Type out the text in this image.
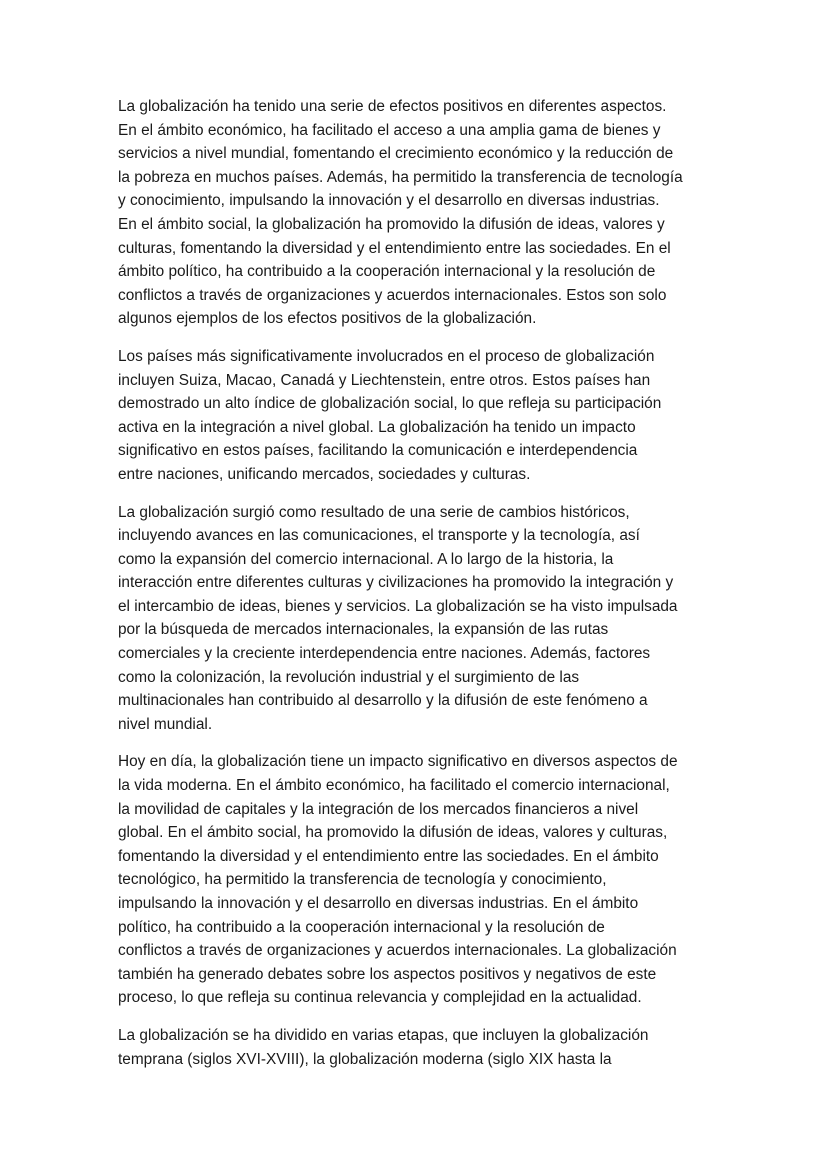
La globalización ha tenido una serie de efectos positivos en diferentes aspectos.
En el ámbito económico, ha facilitado el acceso a una amplia gama de bienes y
servicios a nivel mundial, fomentando el crecimiento económico y la reducción de
la pobreza en muchos países. Además, ha permitido la transferencia de tecnología
y conocimiento, impulsando la innovación y el desarrollo en diversas industrias.
En el ámbito social, la globalización ha promovido la difusión de ideas, valores y
culturas, fomentando la diversidad y el entendimiento entre las sociedades. En el
ámbito político, ha contribuido a la cooperación internacional y la resolución de
conflictos a través de organizaciones y acuerdos internacionales. Estos son solo
algunos ejemplos de los efectos positivos de la globalización.

Los países más significativamente involucrados en el proceso de globalización
incluyen Suiza, Macao, Canadá y Liechtenstein, entre otros. Estos países han
demostrado un alto índice de globalización social, lo que refleja su participación
activa en la integración a nivel global. La globalización ha tenido un impacto
significativo en estos países, facilitando la comunicación e interdependencia
entre naciones, unificando mercados, sociedades y culturas.

La globalización surgió como resultado de una serie de cambios históricos,
incluyendo avances en las comunicaciones, el transporte y la tecnología, así
como la expansión del comercio internacional. A lo largo de la historia, la
interacción entre diferentes culturas y civilizaciones ha promovido la integración y
el intercambio de ideas, bienes y servicios. La globalización se ha visto impulsada
por la búsqueda de mercados internacionales, la expansión de las rutas
comerciales y la creciente interdependencia entre naciones. Además, factores
como la colonización, la revolución industrial y el surgimiento de las
multinacionales han contribuido al desarrollo y la difusión de este fenómeno a
nivel mundial.

Hoy en día, la globalización tiene un impacto significativo en diversos aspectos de
la vida moderna. En el ámbito económico, ha facilitado el comercio internacional,
la movilidad de capitales y la integración de los mercados financieros a nivel
global. En el ámbito social, ha promovido la difusión de ideas, valores y culturas,
fomentando la diversidad y el entendimiento entre las sociedades. En el ámbito
tecnológico, ha permitido la transferencia de tecnología y conocimiento,
impulsando la innovación y el desarrollo en diversas industrias. En el ámbito
político, ha contribuido a la cooperación internacional y la resolución de
conflictos a través de organizaciones y acuerdos internacionales. La globalización
también ha generado debates sobre los aspectos positivos y negativos de este
proceso, lo que refleja su continua relevancia y complejidad en la actualidad.

La globalización se ha dividido en varias etapas, que incluyen la globalización
temprana (siglos XVI-XVIII), la globalización moderna (siglo XIX hasta la
